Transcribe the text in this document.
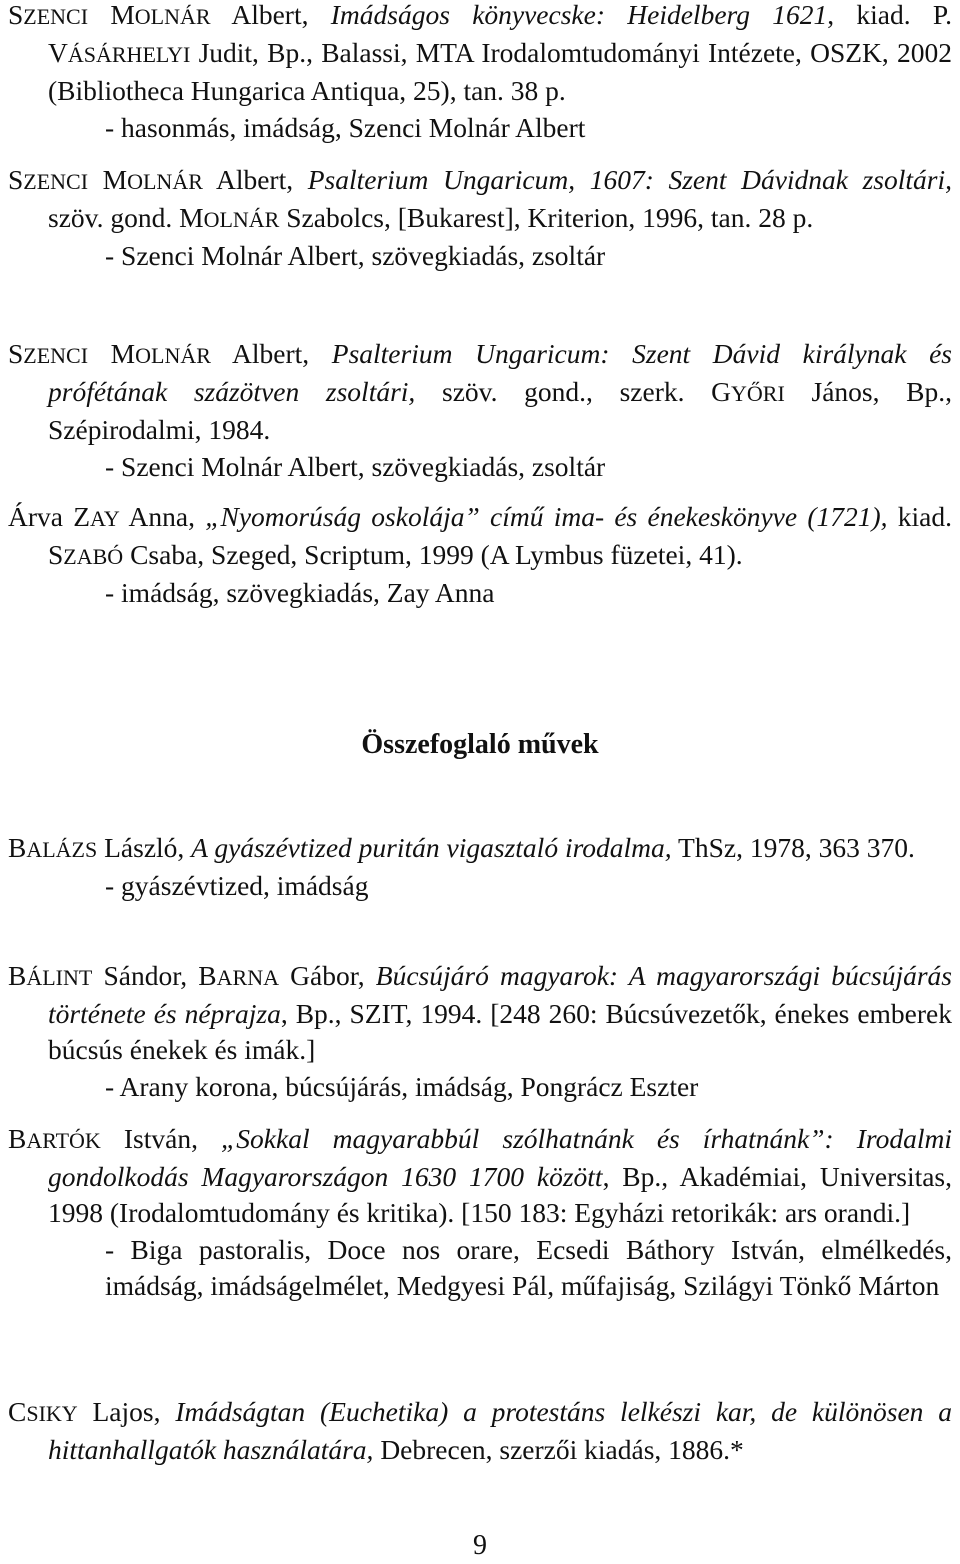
SZENCI MOLNÁR Albert, Imádságos könyvecske: Heidelberg 1621, kiad. P. VÁSÁRHELYI Judit, Bp., Balassi, MTA Irodalomtudományi Intézete, OSZK, 2002 (Bibliotheca Hungarica Antiqua, 25), tan. 38 p.

- hasonmás, imádság, Szenci Molnár Albert

SZENCI MOLNÁR Albert, Psalterium Ungaricum, 1607: Szent Dávidnak zsoltári, szöv. gond. MOLNÁR Szabolcs, [Bukarest], Kriterion, 1996, tan. 28 p.

- Szenci Molnár Albert, szövegkiadás, zsoltár

SZENCI MOLNÁR Albert, Psalterium Ungaricum: Szent Dávid királynak és prófétának százötven zsoltári, szöv. gond., szerk. GYŐRI János, Bp., Szépirodalmi, 1984.

- Szenci Molnár Albert, szövegkiadás, zsoltár

Árva ZAY Anna, „Nyomorúság oskolája” című ima- és énekeskönyve (1721), kiad. SZABÓ Csaba, Szeged, Scriptum, 1999 (A Lymbus füzetei, 41).

- imádság, szövegkiadás, Zay Anna

Összefoglaló művek

BALÁZS László, A gyászévtized puritán vigasztaló irodalma, ThSz, 1978, 363 370.

- gyászévtized, imádság

BÁLINT Sándor, BARNA Gábor, Búcsújáró magyarok: A magyarországi búcsújárás története és néprajza, Bp., SZIT, 1994. [248 260: Búcsúvezetők, énekes emberek búcsús énekek és imák.]

- Arany korona, búcsújárás, imádság, Pongrácz Eszter

BARTÓK István, „Sokkal magyarabbúl szólhatnánk és írhatnánk”: Irodalmi gondolkodás Magyarországon 1630 1700 között, Bp., Akadémiai, Universitas, 1998 (Irodalomtudomány és kritika). [150 183: Egyházi retorikák: ars orandi.]

- Biga pastoralis, Doce nos orare, Ecsedi Báthory István, elmélkedés, imádság, imádságelmélet, Medgyesi Pál, műfajiság, Szilágyi Tönkő Márton

CSIKY Lajos, Imádságtan (Euchetika) a protestáns lelkészi kar, de különösen a hittanhallgatók használatára, Debrecen, szerzői kiadás, 1886.*

9
